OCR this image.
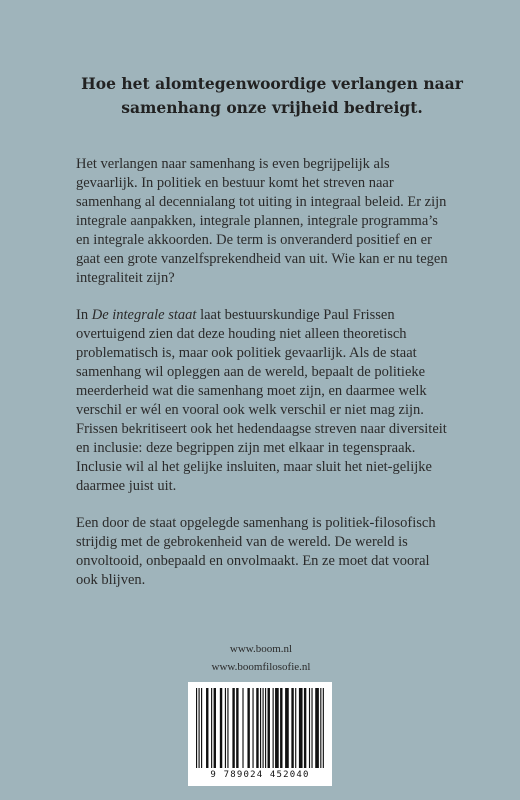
Hoe het alomtegenwoordige verlangen naar samenhang onze vrijheid bedreigt.

Het verlangen naar samenhang is even begrijpelijk als gevaarlijk. In politiek en bestuur komt het streven naar samenhang al decennialang tot uiting in integraal beleid. Er zijn integrale aanpakken, integrale plannen, integrale programma’s en integrale akkoorden. De term is onveranderd positief en er gaat een grote vanzelfsprekendheid van uit. Wie kan er nu tegen integraliteit zijn?

In De integrale staat laat bestuurskundige Paul Frissen overtuigend zien dat deze houding niet alleen theoretisch problematisch is, maar ook politiek gevaarlijk. Als de staat samenhang wil opleggen aan de wereld, bepaalt de politieke meerderheid wat die samenhang moet zijn, en daarmee welk verschil er wél en vooral ook welk verschil er niet mag zijn. Frissen bekritiseert ook het hedendaagse streven naar diversiteit en inclusie: deze begrippen zijn met elkaar in tegenspraak. Inclusie wil al het gelijke insluiten, maar sluit het niet-gelijke daarmee juist uit.

Een door de staat opgelegde samenhang is politiek-filosofisch strijdig met de gebrokenheid van de wereld. De wereld is onvoltooid, onbepaald en onvolmaakt. En ze moet dat vooral ook blijven.

www.boom.nl
www.boomfilosofie.nl
9 789024 452040
